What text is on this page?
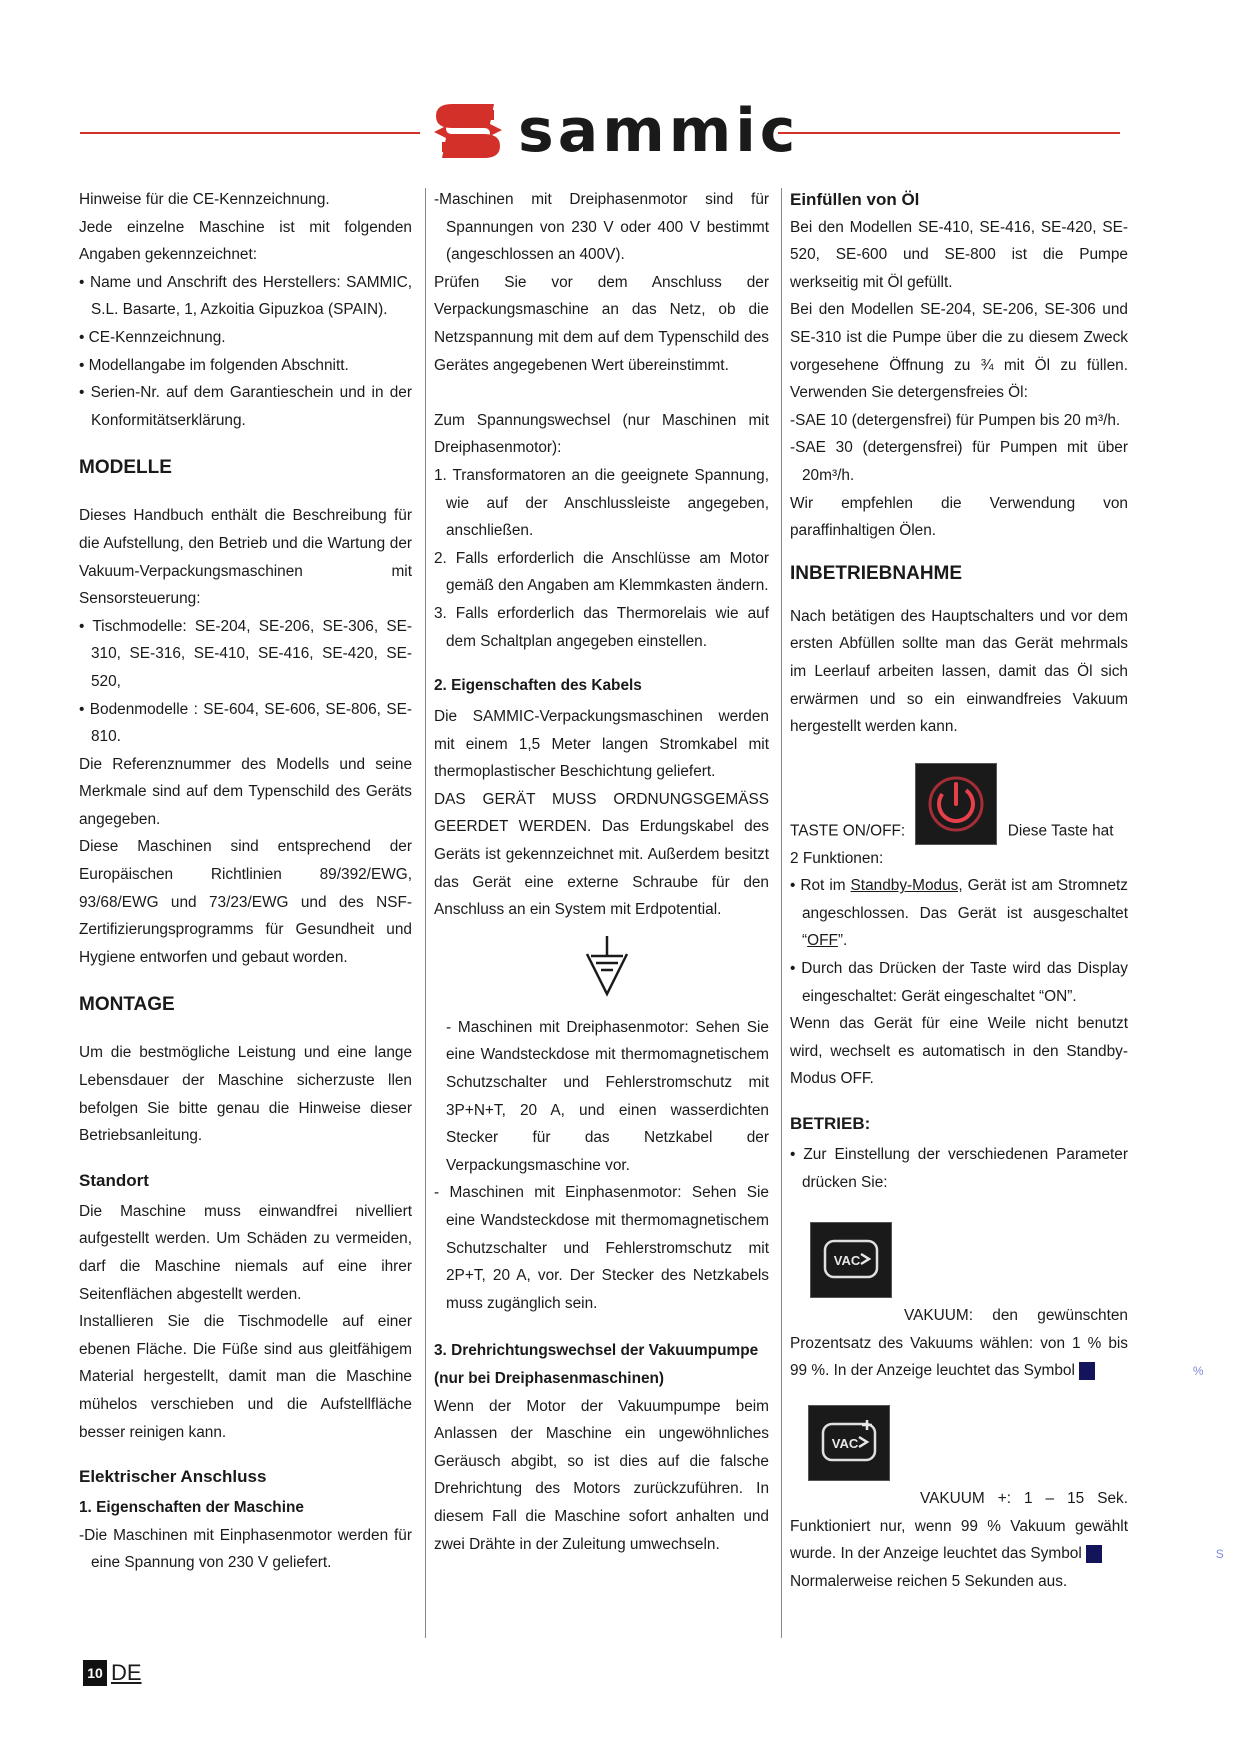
sammic

Hinweise für die CE-Kennzeichnung.

Jede einzelne Maschine ist mit folgenden Angaben gekennzeichnet:

• Name und Anschrift des Herstellers: SAMMIC, S.L. Basarte, 1, Azkoitia Gipuzkoa (SPAIN).

• CE-Kennzeichnung.

• Modellangabe im folgenden Abschnitt.

• Serien-Nr. auf dem Garantieschein und in der Konformitätserklärung.

MODELLE

Dieses Handbuch enthält die Beschreibung für die Aufstellung, den Betrieb und die Wartung der Vakuum-Verpackungsmaschinen mit Sensorsteuerung:

• Tischmodelle: SE-204, SE-206, SE-306, SE-310, SE-316, SE-410, SE-416, SE-420, SE-520,

• Bodenmodelle : SE-604, SE-606, SE-806, SE-810.

Die Referenznummer des Modells und seine Merkmale sind auf dem Typenschild des Geräts angegeben.

Diese Maschinen sind entsprechend der Europäischen Richtlinien 89/392/EWG, 93/68/EWG und 73/23/EWG und des NSF-Zertifizierungsprogramms für Gesundheit und Hygiene entworfen und gebaut worden.

MONTAGE

Um die bestmögliche Leistung und eine lange Lebensdauer der Maschine sicherzuste llen befolgen Sie bitte genau die Hinweise dieser Betriebsanleitung.

Standort

Die Maschine muss einwandfrei nivelliert aufgestellt werden. Um Schäden zu vermeiden, darf die Maschine niemals auf eine ihrer Seitenflächen abgestellt werden.

Installieren Sie die Tischmodelle auf einer ebenen Fläche. Die Füße sind aus gleitfähigem Material hergestellt, damit man die Maschine mühelos verschieben und die Aufstellfläche besser reinigen kann.

Elektrischer Anschluss

1. Eigenschaften der Maschine

-Die Maschinen mit Einphasenmotor werden für eine Spannung von 230 V geliefert.

-Maschinen mit Dreiphasenmotor sind für Spannungen von 230 V oder 400 V bestimmt (angeschlossen an 400V).

Prüfen Sie vor dem Anschluss der Verpackungsmaschine an das Netz, ob die Netzspannung mit dem auf dem Typenschild des Gerätes angegebenen Wert übereinstimmt.

Zum Spannungswechsel (nur Maschinen mit Dreiphasenmotor):

1. Transformatoren an die geeignete Spannung, wie auf der Anschlussleiste angegeben, anschließen.

2. Falls erforderlich die Anschlüsse am Motor gemäß den Angaben am Klemmkasten ändern.

3. Falls erforderlich das Thermorelais wie auf dem Schaltplan angegeben einstellen.

2. Eigenschaften des Kabels

Die SAMMIC-Verpackungsmaschinen werden mit einem 1,5 Meter langen Stromkabel mit thermoplastischer Beschichtung geliefert.

DAS GERÄT MUSS ORDNUNGSGEMÄSS GEERDET WERDEN. Das Erdungskabel des Geräts ist gekennzeichnet mit. Außerdem besitzt das Gerät eine externe Schraube für den Anschluss an ein System mit Erdpotential.

- Maschinen mit Dreiphasenmotor: Sehen Sie eine Wandsteckdose mit thermomagnetischem Schutzschalter und Fehlerstromschutz mit 3P+N+T, 20 A, und einen wasserdichten Stecker für das Netzkabel der Verpackungsmaschine vor.

- Maschinen mit Einphasenmotor: Sehen Sie eine Wandsteckdose mit thermomagnetischem Schutzschalter und Fehlerstromschutz mit 2P+T, 20 A, vor. Der Stecker des Netzkabels muss zugänglich sein.

3. Drehrichtungswechsel der Vakuumpumpe (nur bei Dreiphasenmaschinen)

Wenn der Motor der Vakuumpumpe beim Anlassen der Maschine ein ungewöhnliches Geräusch abgibt, so ist dies auf die falsche Drehrichtung des Motors zurückzuführen. In diesem Fall die Maschine sofort anhalten und zwei Drähte in der Zuleitung umwechseln.

Einfüllen von Öl

Bei den Modellen SE-410, SE-416, SE-420, SE-520, SE-600 und SE-800 ist die Pumpe werkseitig mit Öl gefüllt.

Bei den Modellen SE-204, SE-206, SE-306 und SE-310 ist die Pumpe über die zu diesem Zweck vorgesehene Öffnung zu ¾ mit Öl zu füllen. Verwenden Sie detergensfreies Öl:

-SAE 10 (detergensfrei) für Pumpen bis 20 m³/h.

-SAE 30 (detergensfrei) für Pumpen mit über 20m³/h.

Wir empfehlen die Verwendung von paraffinhaltigen Ölen.

INBETRIEBNAHME

Nach betätigen des Hauptschalters und vor dem ersten Abfüllen sollte man das Gerät mehrmals im Leerlauf arbeiten lassen, damit das Öl sich erwärmen und so ein einwandfreies Vakuum hergestellt werden kann.

TASTE ON/OFF:	Diese Taste hat

2 Funktionen:

• Rot im Standby-Modus, Gerät ist am Stromnetz angeschlossen. Das Gerät ist ausgeschaltet “OFF”.

• Durch das Drücken der Taste wird das Display eingeschaltet: Gerät eingeschaltet “ON”.

Wenn das Gerät für eine Weile nicht benutzt wird, wechselt es automatisch in den Standby-Modus OFF.

BETRIEB:

• Zur Einstellung der verschiedenen Parameter drücken Sie:

VAC

VAKUUM: den gewünschten Prozentsatz des Vakuums wählen: von 1 % bis 99 %. In der Anzeige leuchtet das Symbol	%

VAC

VAKUUM +: 1 – 15 Sek. Funktioniert nur, wenn 99 % Vakuum gewählt wurde. In der Anzeige leuchtet das Symbol	S

Normalerweise reichen 5 Sekunden aus.

10 DE
